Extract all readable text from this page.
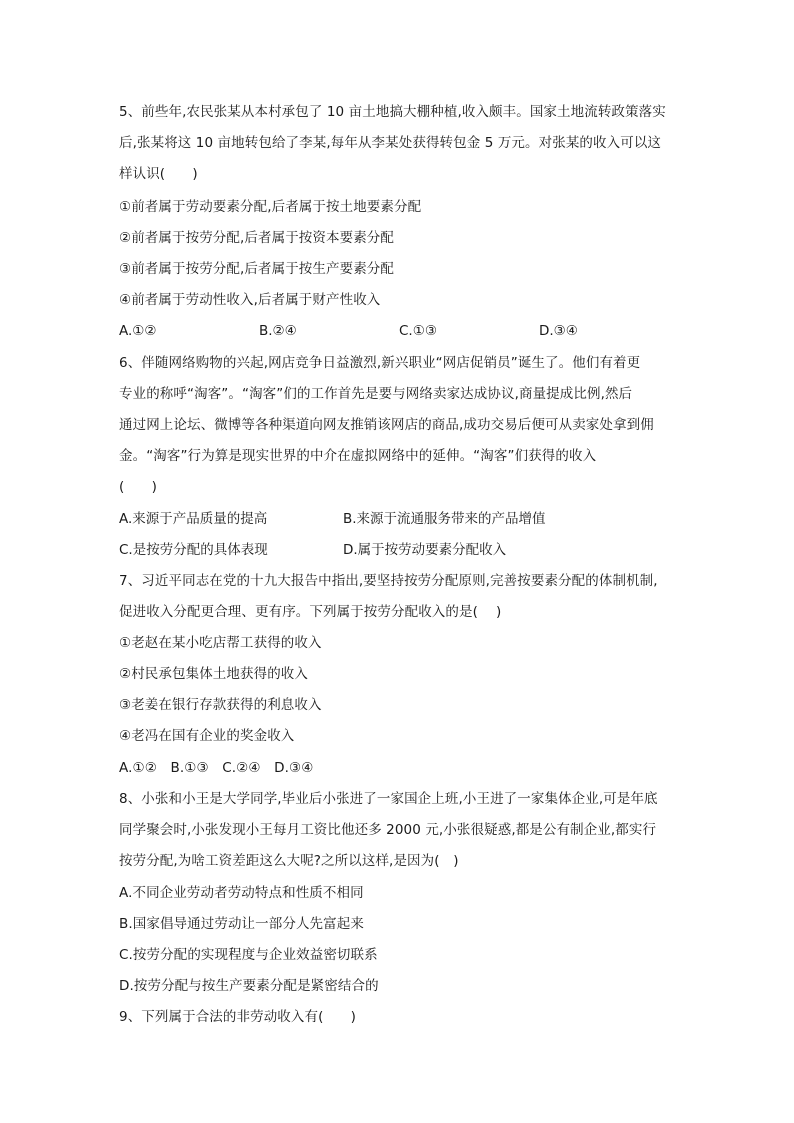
5、前些年,农民张某从本村承包了 10 亩土地搞大棚种植,收入颇丰。国家土地流转政策落实
后,张某将这 10 亩地转包给了李某,每年从李某处获得转包金 5 万元。对张某的收入可以这
样认识(　　)
①前者属于劳动要素分配,后者属于按土地要素分配
②前者属于按劳分配,后者属于按资本要素分配
③前者属于按劳分配,后者属于按生产要素分配
④前者属于劳动性收入,后者属于财产性收入
A.①②	B.②④	C.①③	D.③④
6、伴随网络购物的兴起,网店竞争日益激烈,新兴职业“网店促销员”诞生了。他们有着更
专业的称呼“淘客”。“淘客”们的工作首先是要与网络卖家达成协议,商量提成比例,然后
通过网上论坛、微博等各种渠道向网友推销该网店的商品,成功交易后便可从卖家处拿到佣
金。“淘客”行为算是现实世界的中介在虚拟网络中的延伸。“淘客”们获得的收入
(　　)
A.来源于产品质量的提高	B.来源于流通服务带来的产品增值
C.是按劳分配的具体表现	D.属于按劳动要素分配收入
7、习近平同志在党的十九大报告中指出,要坚持按劳分配原则,完善按要素分配的体制机制,
促进收入分配更合理、更有序。下列属于按劳分配收入的是(　 )
①老赵在某小吃店帮工获得的收入
②村民承包集体土地获得的收入
③老姜在银行存款获得的利息收入
④老冯在国有企业的奖金收入
A.①②　B.①③　C.②④　D.③④
8、小张和小王是大学同学,毕业后小张进了一家国企上班,小王进了一家集体企业,可是年底
同学聚会时,小张发现小王每月工资比他还多 2000 元,小张很疑惑,都是公有制企业,都实行
按劳分配,为啥工资差距这么大呢?之所以这样,是因为(　)
A.不同企业劳动者劳动特点和性质不相同
B.国家倡导通过劳动让一部分人先富起来
C.按劳分配的实现程度与企业效益密切联系
D.按劳分配与按生产要素分配是紧密结合的
9、下列属于合法的非劳动收入有(　　)
